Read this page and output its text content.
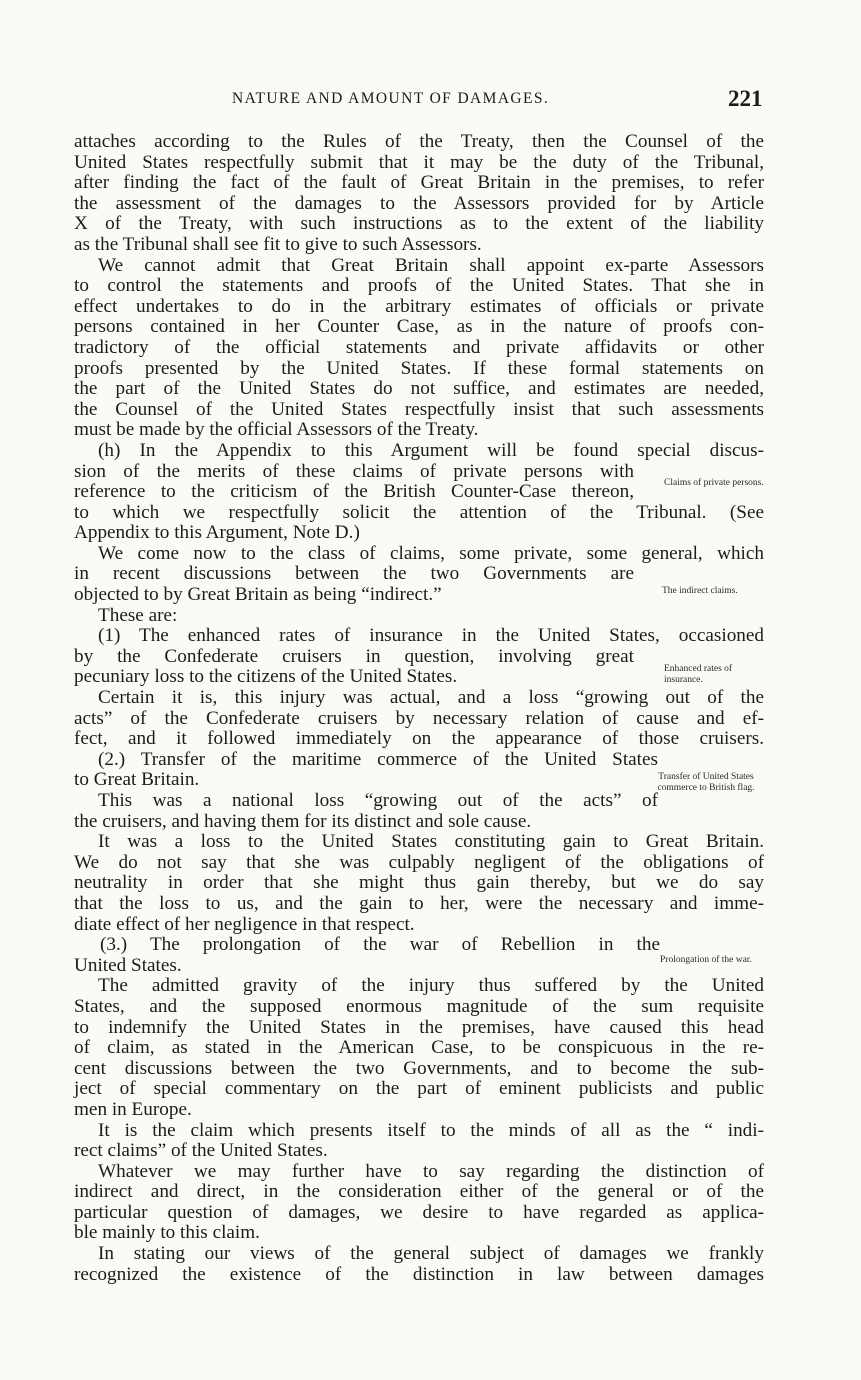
NATURE AND AMOUNT OF DAMAGES.	221
attaches according to the Rules of the Treaty, then the Counsel of the
United States respectfully submit that it may be the duty of the Tribunal,
after finding the fact of the fault of Great Britain in the premises, to refer
the assessment of the damages to the Assessors provided for by Article
X of the Treaty, with such instructions as to the extent of the liability
as the Tribunal shall see fit to give to such Assessors.
We cannot admit that Great Britain shall appoint ex-parte Assessors
to control the statements and proofs of the United States. That she in
effect undertakes to do in the arbitrary estimates of officials or private
persons contained in her Counter Case, as in the nature of proofs con-
tradictory of the official statements and private affidavits or other
proofs presented by the United States. If these formal statements on
the part of the United States do not suffice, and estimates are needed,
the Counsel of the United States respectfully insist that such assessments
must be made by the official Assessors of the Treaty.
(h) In the Appendix to this Argument will be found special discus-
sion of the merits of these claims of private persons with
reference to the criticism of the British Counter-Case thereon,
to which we respectfully solicit the attention of the Tribunal. (See
Appendix to this Argument, Note D.)
We come now to the class of claims, some private, some general, which
in recent discussions between the two Governments are
objected to by Great Britain as being “indirect.”
These are:
(1) The enhanced rates of insurance in the United States, occasioned
by the Confederate cruisers in question, involving great
pecuniary loss to the citizens of the United States.
Certain it is, this injury was actual, and a loss “growing out of the
acts” of the Confederate cruisers by necessary relation of cause and ef-
fect, and it followed immediately on the appearance of those cruisers.
(2.) Transfer of the maritime commerce of the United States
to Great Britain.
This was a national loss “growing out of the acts” of
the cruisers, and having them for its distinct and sole cause.
It was a loss to the United States constituting gain to Great Britain.
We do not say that she was culpably negligent of the obligations of
neutrality in order that she might thus gain thereby, but we do say
that the loss to us, and the gain to her, were the necessary and imme-
diate effect of her negligence in that respect.
(3.) The prolongation of the war of Rebellion in the
United States.
The admitted gravity of the injury thus suffered by the United
States, and the supposed enormous magnitude of the sum requisite
to indemnify the United States in the premises, have caused this head
of claim, as stated in the American Case, to be conspicuous in the re-
cent discussions between the two Governments, and to become the sub-
ject of special commentary on the part of eminent publicists and public
men in Europe.
It is the claim which presents itself to the minds of all as the “ indi-
rect claims” of the United States.
Whatever we may further have to say regarding the distinction of
indirect and direct, in the consideration either of the general or of the
particular question of damages, we desire to have regarded as applica-
ble mainly to this claim.
In stating our views of the general subject of damages we frankly
recognized the existence of the distinction in law between damages
Claims of private persons.
The indirect claims.
Enhanced rates of insurance.
Transfer of United States commerce to British flag.
Prolongation of the war.
